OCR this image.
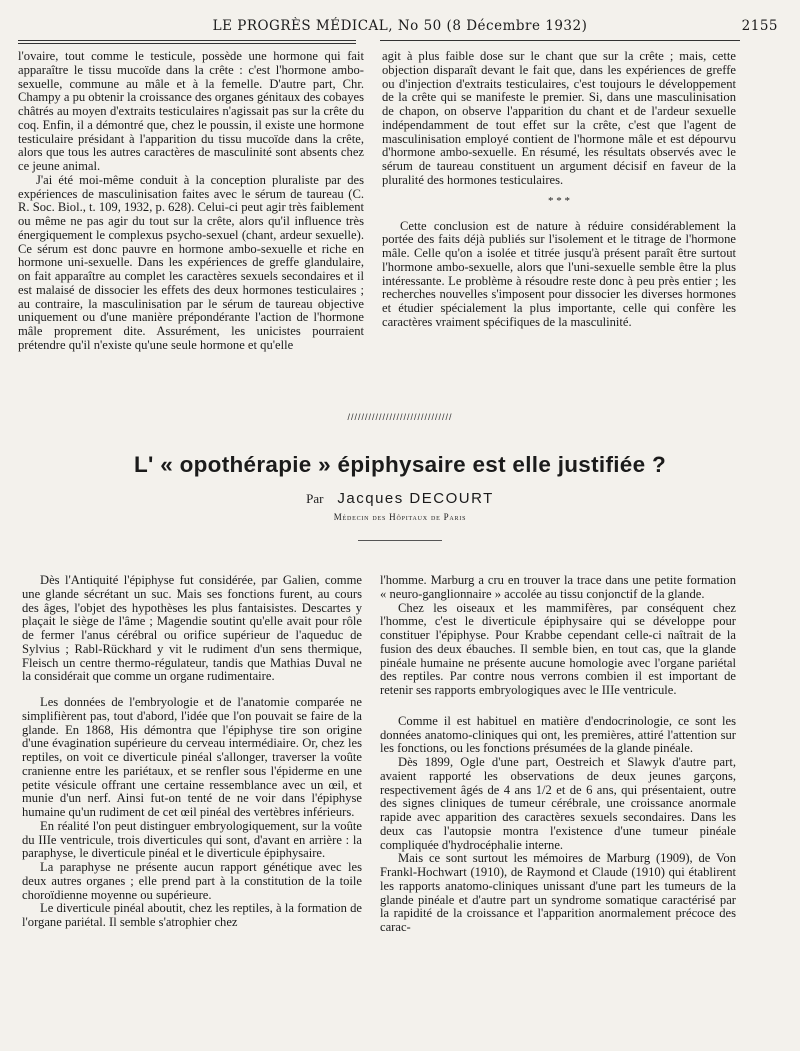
LE PROGRÈS MÉDICAL, No 50 (8 Décembre 1932)	2155

l'ovaire, tout comme le testicule, possède une hormone qui fait apparaître le tissu mucoïde dans la crête : c'est l'hormone ambo-sexuelle, commune au mâle et à la femelle. D'autre part, Chr. Champy a pu obtenir la croissance des organes génitaux des cobayes châtrés au moyen d'extraits testiculaires n'agissait pas sur la crête du coq. Enfin, il a démontré que, chez le poussin, il existe une hormone testiculaire présidant à l'apparition du tissu mucoïde dans la crête, alors que tous les autres caractères de masculinité sont absents chez ce jeune animal.

J'ai été moi-même conduit à la conception pluraliste par des expériences de masculinisation faites avec le sérum de taureau (C. R. Soc. Biol., t. 109, 1932, p. 628). Celui-ci peut agir très faiblement ou même ne pas agir du tout sur la crête, alors qu'il influence très énergiquement le complexus psycho-sexuel (chant, ardeur sexuelle). Ce sérum est donc pauvre en hormone ambo-sexuelle et riche en hormone uni-sexuelle. Dans les expériences de greffe glandulaire, on fait apparaître au complet les caractères sexuels secondaires et il est malaisé de dissocier les effets des deux hormones testiculaires ; au contraire, la masculinisation par le sérum de taureau objective uniquement ou d'une manière prépondérante l'action de l'hormone mâle proprement dite. Assurément, les unicistes pourraient prétendre qu'il n'existe qu'une seule hormone et qu'elle

agit à plus faible dose sur le chant que sur la crête ; mais, cette objection disparaît devant le fait que, dans les expériences de greffe ou d'injection d'extraits testiculaires, c'est toujours le développement de la crête qui se manifeste le premier. Si, dans une masculinisation de chapon, on observe l'apparition du chant et de l'ardeur sexuelle indépendamment de tout effet sur la crête, c'est que l'agent de masculinisation employé contient de l'hormone mâle et est dépourvu d'hormone ambo-sexuelle. En résumé, les résultats observés avec le sérum de taureau constituent un argument décisif en faveur de la pluralité des hormones testiculaires.

* * *

Cette conclusion est de nature à réduire considérablement la portée des faits déjà publiés sur l'isolement et le titrage de l'hormone mâle. Celle qu'on a isolée et titrée jusqu'à présent paraît être surtout l'hormone ambo-sexuelle, alors que l'uni-sexuelle semble être la plus intéressante. Le problème à résoudre reste donc à peu près entier ; les recherches nouvelles s'imposent pour dissocier les diverses hormones et étudier spécialement la plus importante, celle qui confère les caractères vraiment spécifiques de la masculinité.

//////////////////////////////
L' « opothérapie » épiphysaire est elle justifiée ?
Par Jacques DECOURT
Médecin des Hôpitaux de Paris

Dès l'Antiquité l'épiphyse fut considérée, par Galien, comme une glande sécrétant un suc. Mais ses fonctions furent, au cours des âges, l'objet des hypothèses les plus fantaisistes. Descartes y plaçait le siège de l'âme ; Magendie soutint qu'elle avait pour rôle de fermer l'anus cérébral ou orifice supérieur de l'aqueduc de Sylvius ; Rabl-Rückhard y vit le rudiment d'un sens thermique, Fleisch un centre thermo-régulateur, tandis que Mathias Duval ne la considérait que comme un organe rudimentaire.

Les données de l'embryologie et de l'anatomie comparée ne simplifièrent pas, tout d'abord, l'idée que l'on pouvait se faire de la glande. En 1868, His démontra que l'épiphyse tire son origine d'une évagination supérieure du cerveau intermédiaire. Or, chez les reptiles, on voit ce diverticule pinéal s'allonger, traverser la voûte cranienne entre les pariétaux, et se renfler sous l'épiderme en une petite vésicule offrant une certaine ressemblance avec un œil, et munie d'un nerf. Ainsi fut-on tenté de ne voir dans l'épiphyse humaine qu'un rudiment de cet œil pinéal des vertèbres inférieurs.

En réalité l'on peut distinguer embryologiquement, sur la voûte du IIIe ventricule, trois diverticules qui sont, d'avant en arrière : la paraphyse, le diverticule pinéal et le diverticule épiphysaire.

La paraphyse ne présente aucun rapport génétique avec les deux autres organes ; elle prend part à la constitution de la toile choroïdienne moyenne ou supérieure.

Le diverticule pinéal aboutit, chez les reptiles, à la formation de l'organe pariétal. Il semble s'atrophier chez

l'homme. Marburg a cru en trouver la trace dans une petite formation « neuro-ganglionnaire » accolée au tissu conjonctif de la glande.

Chez les oiseaux et les mammifères, par conséquent chez l'homme, c'est le diverticule épiphysaire qui se développe pour constituer l'épiphyse. Pour Krabbe cependant celle-ci naîtrait de la fusion des deux ébauches. Il semble bien, en tout cas, que la glande pinéale humaine ne présente aucune homologie avec l'organe pariétal des reptiles. Par contre nous verrons combien il est important de retenir ses rapports embryologiques avec le IIIe ventricule.

Comme il est habituel en matière d'endocrinologie, ce sont les données anatomo-cliniques qui ont, les premières, attiré l'attention sur les fonctions, ou les fonctions présumées de la glande pinéale.

Dès 1899, Ogle d'une part, Oestreich et Slawyk d'autre part, avaient rapporté les observations de deux jeunes garçons, respectivement âgés de 4 ans 1/2 et de 6 ans, qui présentaient, outre des signes cliniques de tumeur cérébrale, une croissance anormale rapide avec apparition des caractères sexuels secondaires. Dans les deux cas l'autopsie montra l'existence d'une tumeur pinéale compliquée d'hydrocéphalie interne.

Mais ce sont surtout les mémoires de Marburg (1909), de Von Frankl-Hochwart (1910), de Raymond et Claude (1910) qui établirent les rapports anatomo-cliniques unissant d'une part les tumeurs de la glande pinéale et d'autre part un syndrome somatique caractérisé par la rapidité de la croissance et l'apparition anormalement précoce des carac-
